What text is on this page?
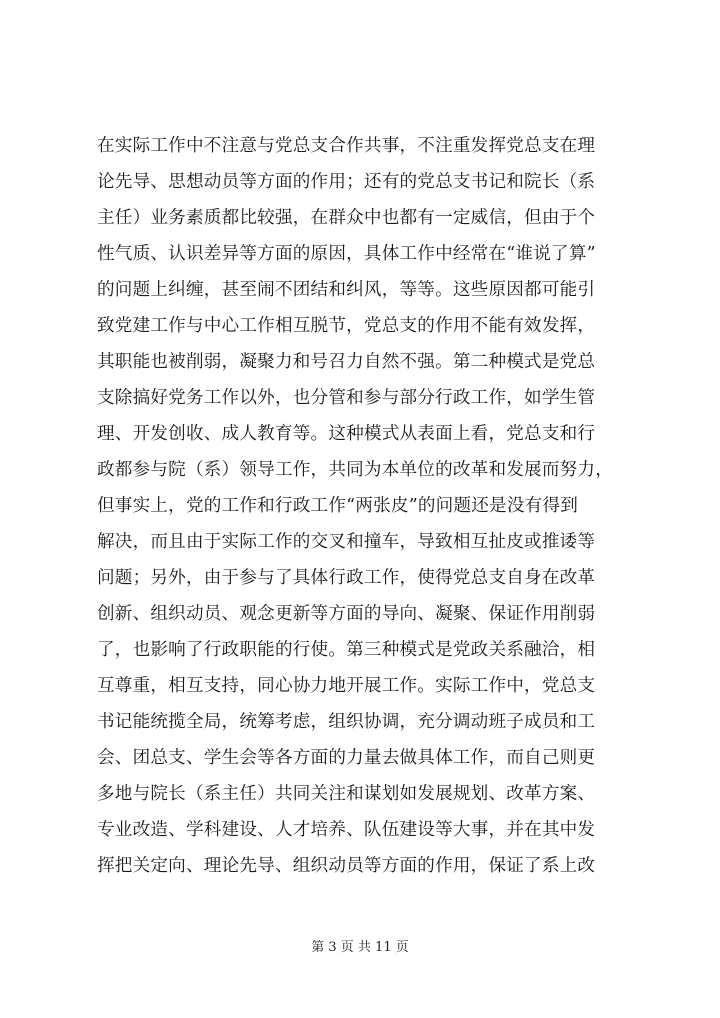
在实际工作中不注意与党总支合作共事，不注重发挥党总支在理
论先导、思想动员等方面的作用；还有的党总支书记和院长（系
主任）业务素质都比较强，在群众中也都有一定威信，但由于个
性气质、认识差异等方面的原因，具体工作中经常在“谁说了算”
的问题上纠缠，甚至闹不团结和纠风，等等。这些原因都可能引
致党建工作与中心工作相互脱节，党总支的作用不能有效发挥，
其职能也被削弱，凝聚力和号召力自然不强。第二种模式是党总
支除搞好党务工作以外，也分管和参与部分行政工作，如学生管
理、开发创收、成人教育等。这种模式从表面上看，党总支和行
政都参与院（系）领导工作，共同为本单位的改革和发展而努力，
但事实上，党的工作和行政工作“两张皮”的问题还是没有得到
解决，而且由于实际工作的交叉和撞车，导致相互扯皮或推诿等
问题；另外，由于参与了具体行政工作，使得党总支自身在改革
创新、组织动员、观念更新等方面的导向、凝聚、保证作用削弱
了，也影响了行政职能的行使。第三种模式是党政关系融洽，相
互尊重，相互支持，同心协力地开展工作。实际工作中，党总支
书记能统揽全局，统筹考虑，组织协调，充分调动班子成员和工
会、团总支、学生会等各方面的力量去做具体工作，而自己则更
多地与院长（系主任）共同关注和谋划如发展规划、改革方案、
专业改造、学科建设、人才培养、队伍建设等大事，并在其中发
挥把关定向、理论先导、组织动员等方面的作用，保证了系上改
第 3 页 共 11 页
